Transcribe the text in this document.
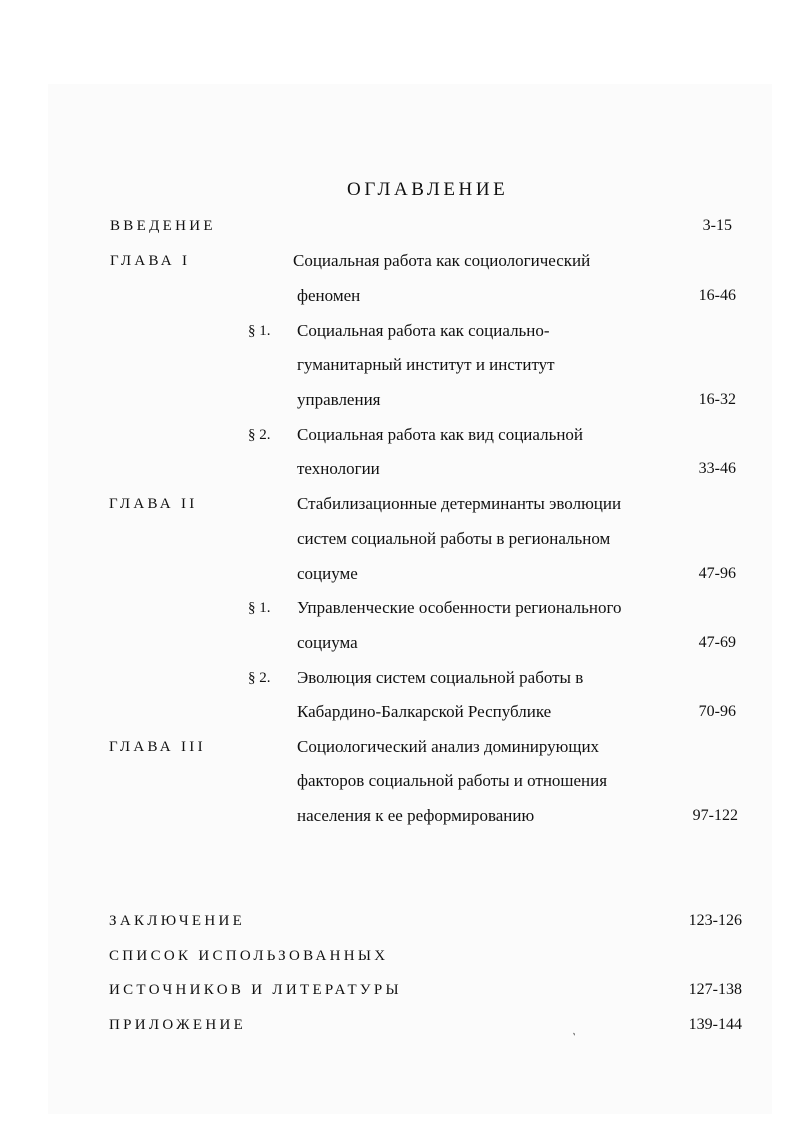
ОГЛАВЛЕНИЕ
ВВЕДЕНИЕ	3-15
ГЛАВА I	Социальная работа как социологический
феномен	16-46
§ 1. Социальная работа как социально-
гуманитарный институт и институт
управления	16-32
§ 2. Социальная работа как вид социальной
технологии	33-46
ГЛАВА II	Стабилизационные детерминанты эволюции
систем социальной работы в региональном
социуме	47-96
§ 1. Управленческие особенности регионального
социума	47-69
§ 2. Эволюция систем социальной работы в
Кабардино-Балкарской Республике	70-96
ГЛАВА III	Социологический анализ доминирующих
факторов социальной работы и отношения
населения к ее реформированию	97-122
ЗАКЛЮЧЕНИЕ	123-126
СПИСОК ИСПОЛЬЗОВАННЫХ
ИСТОЧНИКОВ И ЛИТЕРАТУРЫ	127-138
ПРИЛОЖЕНИЕ	139-144
`
